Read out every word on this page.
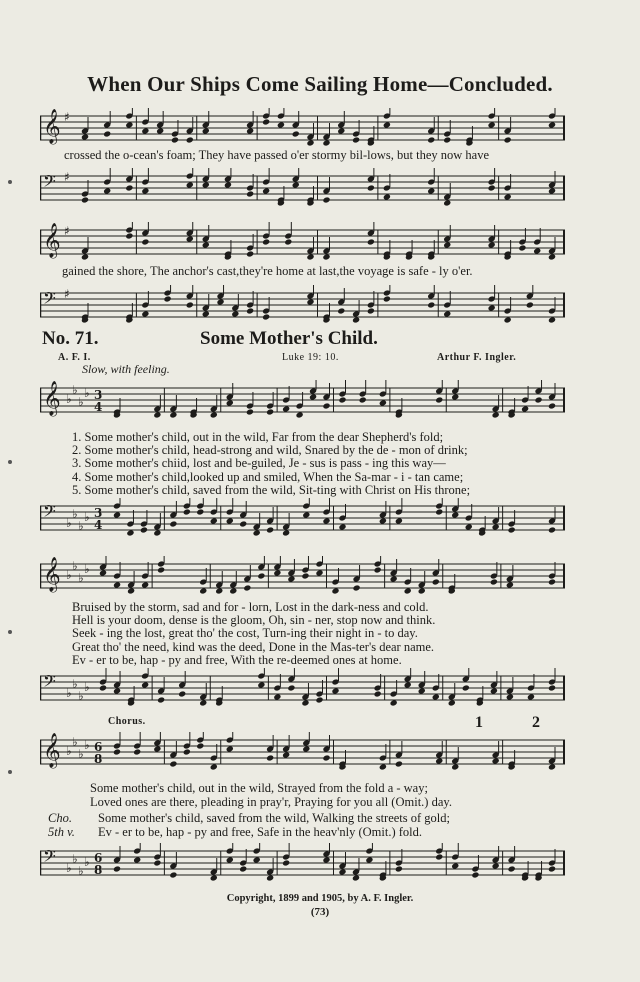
When Our Ships Come Sailing Home—Concluded.
𝄞 ♯
crossed the o-cean's foam; They have passed o'er stormy bil-lows, but they now have
𝄢 ♯
𝄞 ♯
gained the shore, The anchor's cast,they're home at last,the voyage is safe - ly o'er.
𝄢 ♯
No. 71.	Some Mother's Child.
A. F. I.	Luke 19: 10.	Arthur F. Ingler.
Slow, with feeling.
𝄞 ♭
♭
♭
♭ 3
4
1. Some mother's child, out in the wild, Far from the dear Shepherd's fold;
2. Some mother's child, head-strong and wild, Snared by the de - mon of drink;
3. Some mother's chiid, lost and be-guiled, Je - sus is pass - ing this way—
4. Some mother's child,looked up and smiled, When the Sa-mar - i - tan came;
5. Some mother's child, saved from the wild, Sit-ting with Christ on His throne;
𝄢 ♭
♭
♭
♭ 3
4
𝄞 ♭
♭
♭
♭
Bruised by the storm, sad and for - lorn, Lost in the dark-ness and cold.
Hell is your doom, dense is the gloom, Oh, sin - ner, stop now and think.
Seek - ing the lost, great tho' the cost, Turn-ing their night in - to day.
Great tho' the need, kind was the deed, Done in the Mas-ter's dear name.
Ev - er to be, hap - py and free, With the re-deemed ones at home.
𝄢 ♭
♭
♭
♭
Chorus.	1	2
𝄞 ♭
♭
♭
♭ 6
8
Some mother's child, out in the wild, Strayed from the fold a - way;
Loved ones are there, pleading in pray'r, Praying for you all (Omit.) day.
Cho.
5th v.
Some mother's child, saved from the wild, Walking the streets of gold;
Ev - er to be, hap - py and free, Safe in the heav'nly (Omit.) fold.
𝄢 ♭
♭
♭
♭ 6
8
Copyright, 1899 and 1905, by A. F. Ingler.
(73)
